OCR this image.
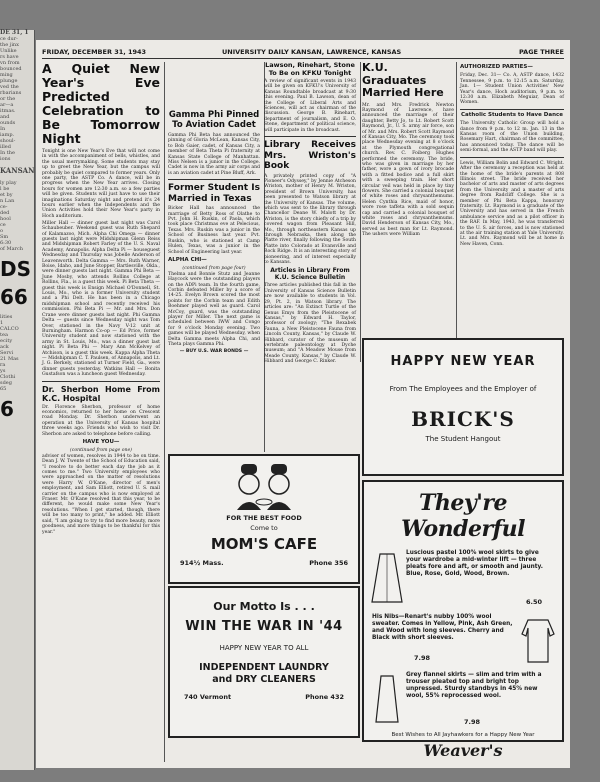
DE 31, 1
ce dur-
the jinx
Unlike
rs have
vn from
bounced
ming
plunge
ved the
rbarians
or the
ar—a
itmas.
and
ounds
In
iamp.
shoul-
illed
In the
ions
KANSAN
ly play
l be
et by
n Lan
ce-
ded
hool
ce
o
Sm
6:30
of March
DS
66
lities
1
CALCO
tea
ecity
ack
Servi
21 Mas
ra
ys
Clothi
sdeg
65
6
FRIDAY, DECEMBER 31, 1943	UNIVERSITY DAILY KANSAN, LAWRENCE, KANSAS	PAGE THREE
A Quiet New Year's Eve Predicted Celebration to Be Tomorrow Night

Tonight is one New Year's Eve that will not come in with the accompaniment of bells, whistles, and the usual merrymaking. Some students may stay up to greet the New Year, but the campus will probably be quiet compared to former years. Only one party, the ASTP Co. A dance, will be in progress when the New Year arrives. Closing hours for women are 12:30 a.m. so a few parties will be given. Students will just have to use their imaginations Saturday night and pretend it's 24 hours earlier when the Independents and the Union Activities hold their New Year's party in Hoch auditorium.

Miller Hall — dinner guest last night was Carol Schaubeuber. Weekend guest was Ruth Shepard of Kalamazoo, Mich. Alpha Chi Omega — dinner guests last night were Midshipman Glenn Reiss and Midshipman Robert Farley of the U. S. Naval Academy, Annapolis. Alpha Delta Pi — houseguest Wednesday and Thursday was Jobelle Anderson of Leavenworth. Delta Gamma — Mrs. Ruth Warner, Boise, Idaho, and June Stopper, Bartlesville, Okla., were dinner guests last night. Gamma Phi Beta — June Mosby, who attends Rollins College at Rollins, Fla., is a guest this week. Pi Beta Theta — guest this week is Ensign Michael O'Donnell, St. Louis, Mo., who is a former University student and a Phi Delt. He has been in a Chicago midshipman school and recently received his commission. Phi Beta Pi — Mr. and Mrs. Don Crane were dinner guests last night. Phi Gamma Delta — guests since Wednesday night was Tom Over, stationed in the Navy V-12 unit at Burningham. Harmon Co-op — Ed Price, former University student and now stationed with the army in St. Louis, Mo., was a dinner guest last night. Pi Beta Phi — Mary Ann McKelvey of Atchison, is a guest this week. Kappa Alpha Theta — Midshipman C. T. Paulsen, of Annapolis, and Lt. J. G. Berkely, stationed at Turner Field, Ga., were dinner guests yesterday. Watkins Hall — Bonita Gustafson was a luncheon guest Wednesday.

Dr. Sherbon Home From K.C. Hospital

Dr. Florence Sherbon, professor of home economics, returned to her home on Crescent road Monday. Dr. Sherbon underwent an operation at the University of Kansas hospital three weeks ago. Friends who wish to visit Dr. Sherbon are asked to telephone before calling.

HAVE YOU—
(continued from page one)

adviser of women, resolves in 1944 to be on time. Dean J. W. Twente of the School of Education said, "I resolve to do better each day the job as it comes to me." Two University employees who were approached on the matter of resolutions were Harry W. O'Kane, director of men's employment, and Sam Elliott, retired U. S. mail carrier on the campus who is now employed at Fraser. Mr. O'Kane resolved that this year, to be different, he would make some New Year's resolutions. "When I get started, though, there will be too many to print," he added. Mr. Elliott said, "I am going to try to find more beauty, more goodness, and more things to be thankful for this year."

Gamma Phi Pinned To Aviation Cadet

Gamma Phi Beta has announced the pinning of Gloria McLean, Kansas City, to Bob Gaier, cadet, of Kansas City, a member of Beta Theta Pi fraternity at Kansas State College of Manhattan. Miss Nelsen is a junior in the College. Cadet is now in the army air corps and is an aviation cadet at Pine Bluff, Ark.

Former Student Is Married in Texas

Bicker Hall has announced the marriage of Betty Ross of Olathe to Pvt. John H. Ruskin, of Paola, which took place Christmas eve at Pelecious, Texas. Mrs. Ruskin was a junior in the School of Business last year. Pvt. Ruskin, who is stationed at Camp Hulen, Texas, was a junior in the School of Engineering last year.

ALPHA CHI—
(continued from page four)

Thelma and Bonnie Stutz and Jeanne Haycock were the outstanding players on the ADPi team. In the fourth game, Corbin defeated Miller by a score of 14-25. Evelyn Brown scored the most points for the Corbin team and Edith Boehmer played well as guard. Carol McCoy, guard, was the outstanding player for Miller. The next game is scheduled between IWW and Congo for 9 o'clock Monday evening. Two games will be played Wednesday, when Delta Gamma meets Alpha Chi, and Theta plays Gamma Phi.

— BUY U.S. WAR BONDS —
Lawson, Rinehart, Stone To Be on KFKU Tonight

A review of significant events in 1943 will be given on KFKU's University of Kansas Roundtable broadcast at 9:30 this evening. Paul B. Lawson, dean of the College of Liberal Arts and Sciences, will act as chairman of the discussion. George B. Rinehart, department of journalism, and E. O. Stene, department of political science, will participate in the broadcast.

Library Receives Mrs. Wriston's Book

A privately printed copy of "A Pioneer's Odyssey," by Jennie Atcheson Wriston, mother of Henry M. Wriston, president of Brown University, has been presented to Watson library at the University of Kansas. The volume, which was sent to the library through Chancellor Deane W. Malott by Dr. Wriston, is the story chiefly of a trip by covered wagon from Pleasant Hill, Mo., through northeastern Kansas up through Nebraska, then along the Platte river, finally following the South Platte into Colorado at Evansville and Rock Ridge. It is an interesting story of pioneering, and of interest especially to Kansans.

Articles in Library From K.U. Science Bulletin

Three articles published this fall in the University of Kansas Science Bulletin are now available to students in Vol. 29, Pt. 2, in Watson library. The articles are: "An Extinct Turtle of the Genus Emys from the Pleistocene of Kansas," by Edward H. Taylor, professor of zoology; "The Rexabek Fauna, a New Pleistocene Fauna from Lincoln County, Kansas," by Claude W. Hibbard, curator of the museum of vertebrate paleontology at Dyche museum; and "A Meadow Mouse from Meade County, Kansas," by Claude W. Hibbard and George C. Rinker.

K.U. Graduates Married Here

Mr. and Mrs. Fredrick Newton Raymond of Lawrence, have announced the marriage of their daughter, Betty Jo, to Lt. Robert Scott Raymond, Jr., U. S. army air force, son of Mr. and Mrs. Robert Scott Raymond of Kansas City, Mo. The ceremony took place Wednesday evening at 8 o'clock at the Plymouth congregational church. Rev. C. Foiberg Hughes performed the ceremony. The bride, who was given in marriage by her father, wore a gown of ivory brocade with a fitted bodice and a full skirt with a sweeping train. Her short circular veil was held in place by tiny flowers. She carried a colonial bouquet of white roses and chrysanthemums. Helen Cynthia Rice, maid of honor, wore rose taffeta with a sold sequin cap and carried a colonial bouquet of white roses and chrysanthemums. David Henderson of Kansas City, Mo., served as best man for Lt. Raymond. The ushers were William

AUTHORIZED PARTIES—

Friday, Dec. 31— Co. A, ASTP dance, 1432 Tennessee, 9 p.m. to 12:15 a.m. Saturday, Jan. 1— Student Union Activities' New Year's dance, Hoch auditorium, 9 p.m. to 12:30 a.m. Elizabeth Meguiar, Dean of Women.

Catholic Students to Have Dance

The University Catholic Group will hold a dance from 9 p.m. to 12 m. Jan. 13 in the Kansas room of the Union building, Rosemary Hart, chairman of the committee, has announced today. The dance will be semi-formal, and the ASTP band will play.

Lewis, William Bolin and Edward C. Wright. After the ceremony a reception was held at the home of the bride's parents at 808 Illinois street. The bride received her bachelor of arts and master of arts degrees from the University and a master of arts degree from Radcliff College. She is a member of Phi Beta Kappa, honorary fraternity. Lt. Raymond is a graduate of the University and has served in the French ambulance service and as a pilot officer in the RAF. In May, 1943, he was transferred to the U. S. air forces, and is now stationed at the air training station at Yale University. Lt. and Mrs. Raymond will be at home in New Haven, Conn.

HAPPY NEW YEAR
From The Employees and the Employer of
BRICK'S
The Student Hangout
FOR THE BEST FOOD
Come to
MOM'S CAFE
914½ Mass.	Phone 356
Our Motto Is . . .
WIN THE WAR IN '44
HAPPY NEW YEAR TO ALL
INDEPENDENT LAUNDRY
and DRY CLEANERS
740 Vermont	Phone 432
They're Wonderful
Luscious pastel 100% wool skirts to give your wardrobe a mid-winter lift — three pleats fore and aft, or smooth and jaunty. Blue, Rose, Gold, Wood, Brown.
6.50
His Nibs—Renart's nubby 100% wool sweater. Comes in Yellow, Pink, Ash Green, and Wood with long sleeves. Cherry and Black with short sleeves.
7.98
Grey flannel skirts — slim and trim with a trouser pleated top and bright top unpressed. Sturdy standbys in 45% new wool, 55% reprocessed wool.
7.98
Best Wishes to All Jayhawkers for a Happy New Year
Weaver's
